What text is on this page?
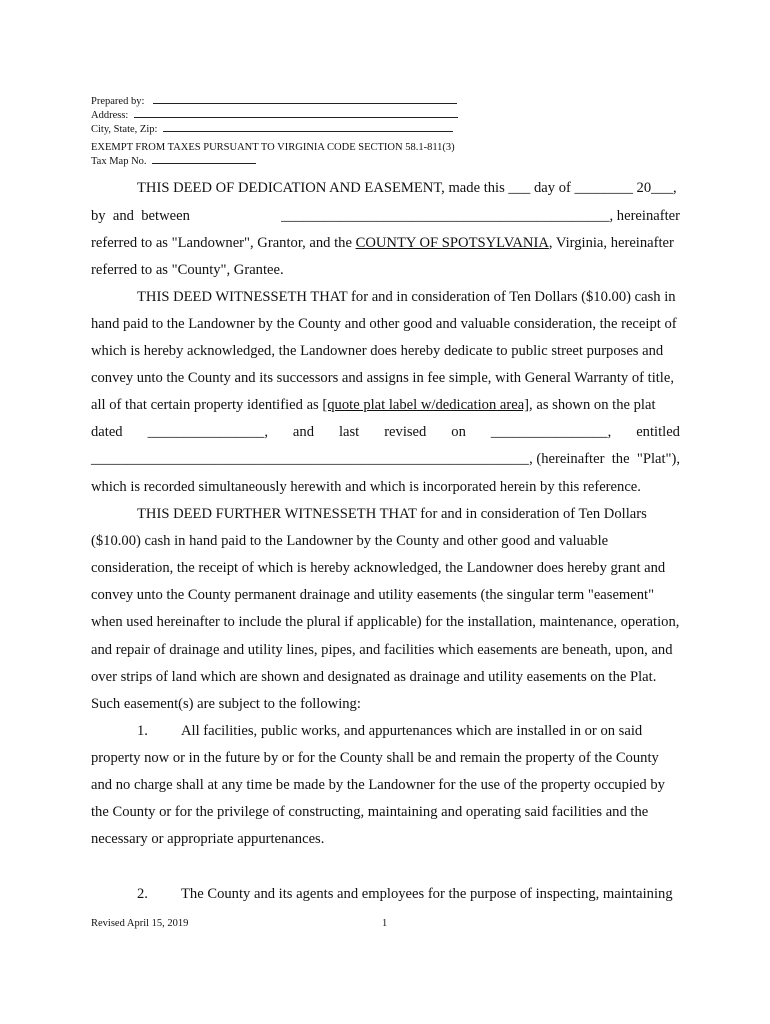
Prepared by:
Address:
City, State, Zip:
EXEMPT FROM TAXES PURSUANT TO VIRGINIA CODE SECTION 58.1-811(3)
Tax Map No.
THIS DEED OF DEDICATION AND EASEMENT, made this ___ day of ________ 20___,
by  and  between	_____________________________________________, hereinafter
referred to as "Landowner", Grantor, and the COUNTY OF SPOTSYLVANIA, Virginia, hereinafter
referred to as "County", Grantee.
THIS DEED WITNESSETH THAT for and in consideration of Ten Dollars ($10.00) cash in
hand paid to the Landowner by the County and other good and valuable consideration, the receipt of
which is hereby acknowledged, the Landowner does hereby dedicate to public street purposes and
convey unto the County and its successors and assigns in fee simple, with General Warranty of title,
all of that certain property identified as [quote plat label w/dedication area], as shown on the plat
dated ________________, and last revised on ________________, entitled
____________________________________________________________ , (hereinafter  the  "Plat"),
which is recorded simultaneously herewith and which is incorporated herein by this reference.
THIS DEED FURTHER WITNESSETH THAT for and in consideration of Ten Dollars
($10.00) cash in hand paid to the Landowner by the County and other good and valuable
consideration, the receipt of which is hereby acknowledged, the Landowner does hereby grant and
convey unto the County permanent drainage and utility easements (the singular term "easement"
when used hereinafter to include the plural if applicable) for the installation, maintenance, operation,
and repair of drainage and utility lines, pipes, and facilities which easements are beneath, upon, and
over strips of land which are shown and designated as drainage and utility easements on the Plat.
Such easement(s) are subject to the following:
1. All facilities, public works, and appurtenances which are installed in or on said
property now or in the future by or for the County shall be and remain the property of the County
and no charge shall at any time be made by the Landowner for the use of the property occupied by
the County or for the privilege of constructing, maintaining and operating said facilities and the
necessary or appropriate appurtenances.
2. The County and its agents and employees for the purpose of inspecting, maintaining
Revised April 15, 2019	1
